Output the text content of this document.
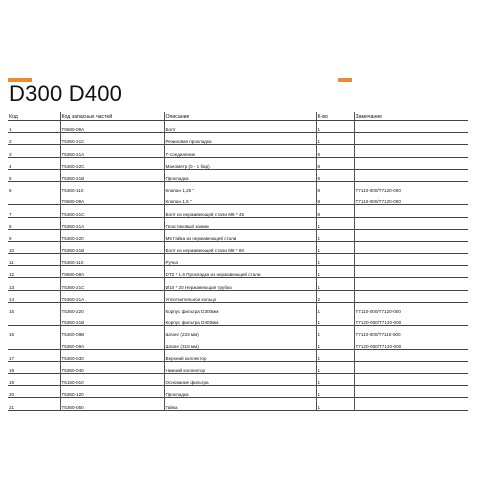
D300 D400
Код	Код запасных частей	Описание	К-во	Замечание
1	T9680-08A	Болт	1	
2	T5360-21C	Резиновая прокладка	1	
3	T5360-21A	Т-соединение	8	
4	T5360-22C	Манометр (0 - 1 бар)	8	
5	T5360-21B	Прокладка	8	
6	T5360-110	Клапан 1,25 "	8	T7110-000/T7120-000
	T9680-08A	Клапан 1,5 "	8	T7110-000/T7120-000
7	T5360-21C	Болт из нержавеющей стали M6 * 45	8	
8	T5360-21A	Пластиковый зажим	1	
9	T5360-220	M6 Гайка из нержавеющей стали	1	
10	T5360-21B	Болт из нержавеющей стали M6 * 80	1	
11	T5360-110	Ручка	1	
12	T9680-08A	DТ2 * 1.6 Прокладка из нержавеющей стали	1	
13	T5360-21C	Ø10 * 20 Нержавеющая трубка	1	
14	T5360-21A	Уплотнительное кольцо	2	
15	T5360-220	Корпус фильтра D300мм	1	T7110-000/T7120-000
	T5360-21B	Корпус фильтра D400мм	1	T7120-000/T7120-000
16	T5360-09B	Шланг (233 мм)	1	T7110-000/T7110-000
	T5360-09A	Шланг (318 мм)	1	T7120-000/T7120-000
17	T5360-030	Верхний коллектор	1	
18	T5360-040	Нижний коллектор	1	
19	T6150-010	Основание фильтра	1	
20	T5360-120	Прокладка	1	
21	T5360-050	Гайка	1	
